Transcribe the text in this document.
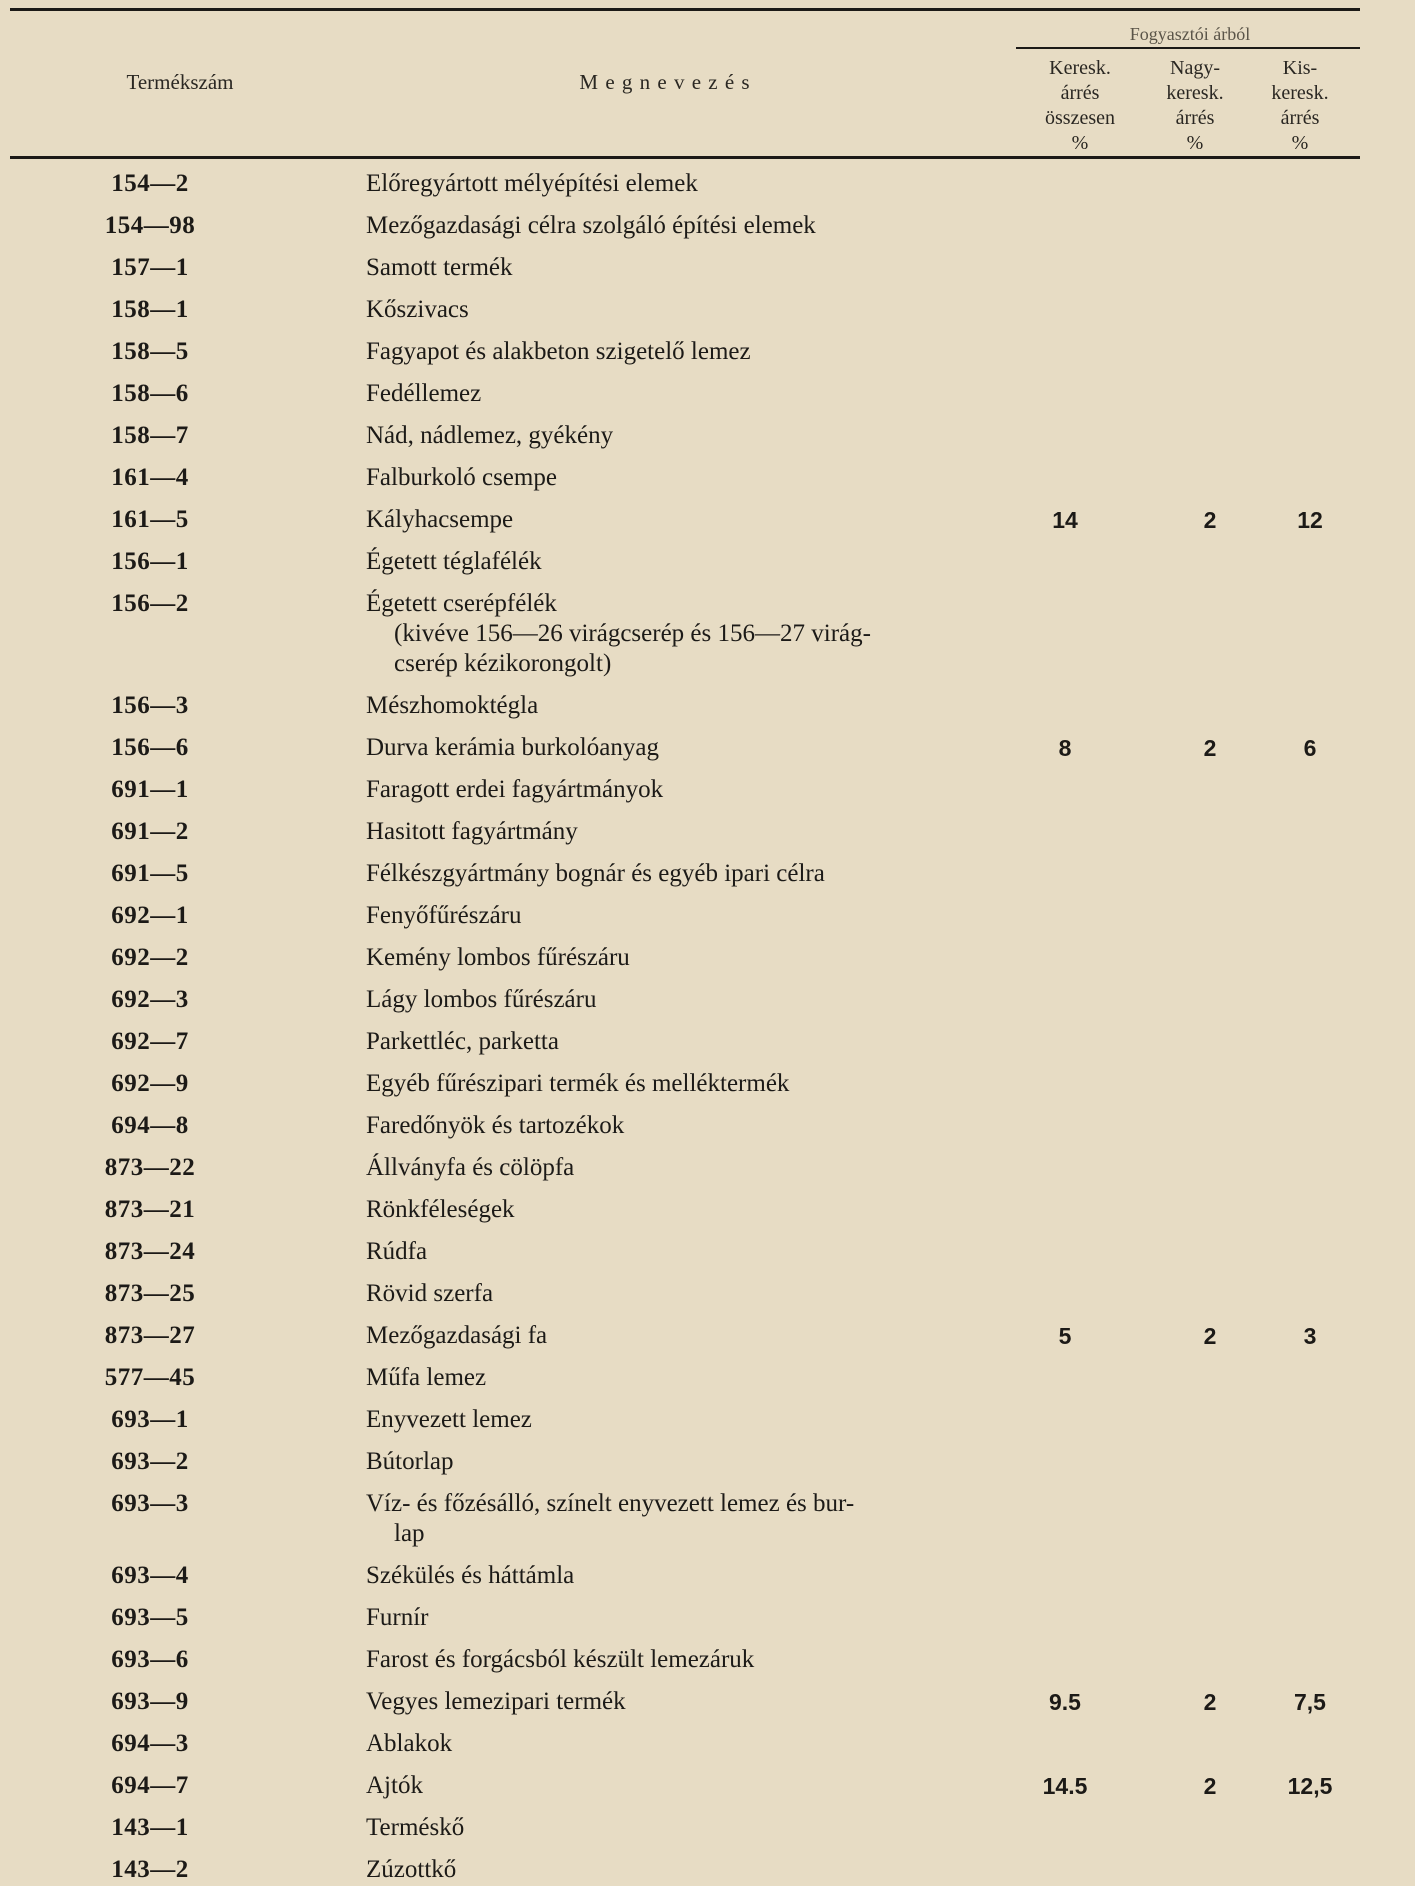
Termékszám	M e g n e v e z é s
Fogyasztói árból
Keresk.
árrés
összesen
%
Nagy-
keresk.
árrés
%
Kis-
keresk.
árrés
%
154—2	Előregyártott mélyépítési elemek
154—98	Mezőgazdasági célra szolgáló építési elemek
157—1	Samott termék
158—1	Kőszivacs
158—5	Fagyapot és alakbeton szigetelő lemez
158—6	Fedéllemez
158—7	Nád, nádlemez, gyékény
161—4	Falburkoló csempe
161—5	Kályhacsempe	14	2	12
156—1	Égetett téglafélék
156—2	Égetett cserépfélék
(kivéve 156—26 virágcserép és 156—27 virág-
cserép kézikorongolt)
156—3	Mészhomoktégla
156—6	Durva kerámia burkolóanyag	8	2	6
691—1	Faragott erdei fagyártmányok
691—2	Hasitott fagyártmány
691—5	Félkészgyártmány bognár és egyéb ipari célra
692—1	Fenyőfűrészáru
692—2	Kemény lombos fűrészáru
692—3	Lágy lombos fűrészáru
692—7	Parkettléc, parketta
692—9	Egyéb fűrészipari termék és melléktermék
694—8	Faredőnyök és tartozékok
873—22	Állványfa és cölöpfa
873—21	Rönkféleségek
873—24	Rúdfa
873—25	Rövid szerfa
873—27	Mezőgazdasági fa	5	2	3
577—45	Műfa lemez
693—1	Enyvezett lemez
693—2	Bútorlap
693—3	Víz- és főzésálló, színelt enyvezett lemez és bur-
lap
693—4	Székülés és háttámla
693—5	Furnír
693—6	Farost és forgácsból készült lemezáruk
693—9	Vegyes lemezipari termék	9.5	2	7,5
694—3	Ablakok
694—7	Ajtók	14.5	2	12,5
143—1	Terméskő
143—2	Zúzottkő
